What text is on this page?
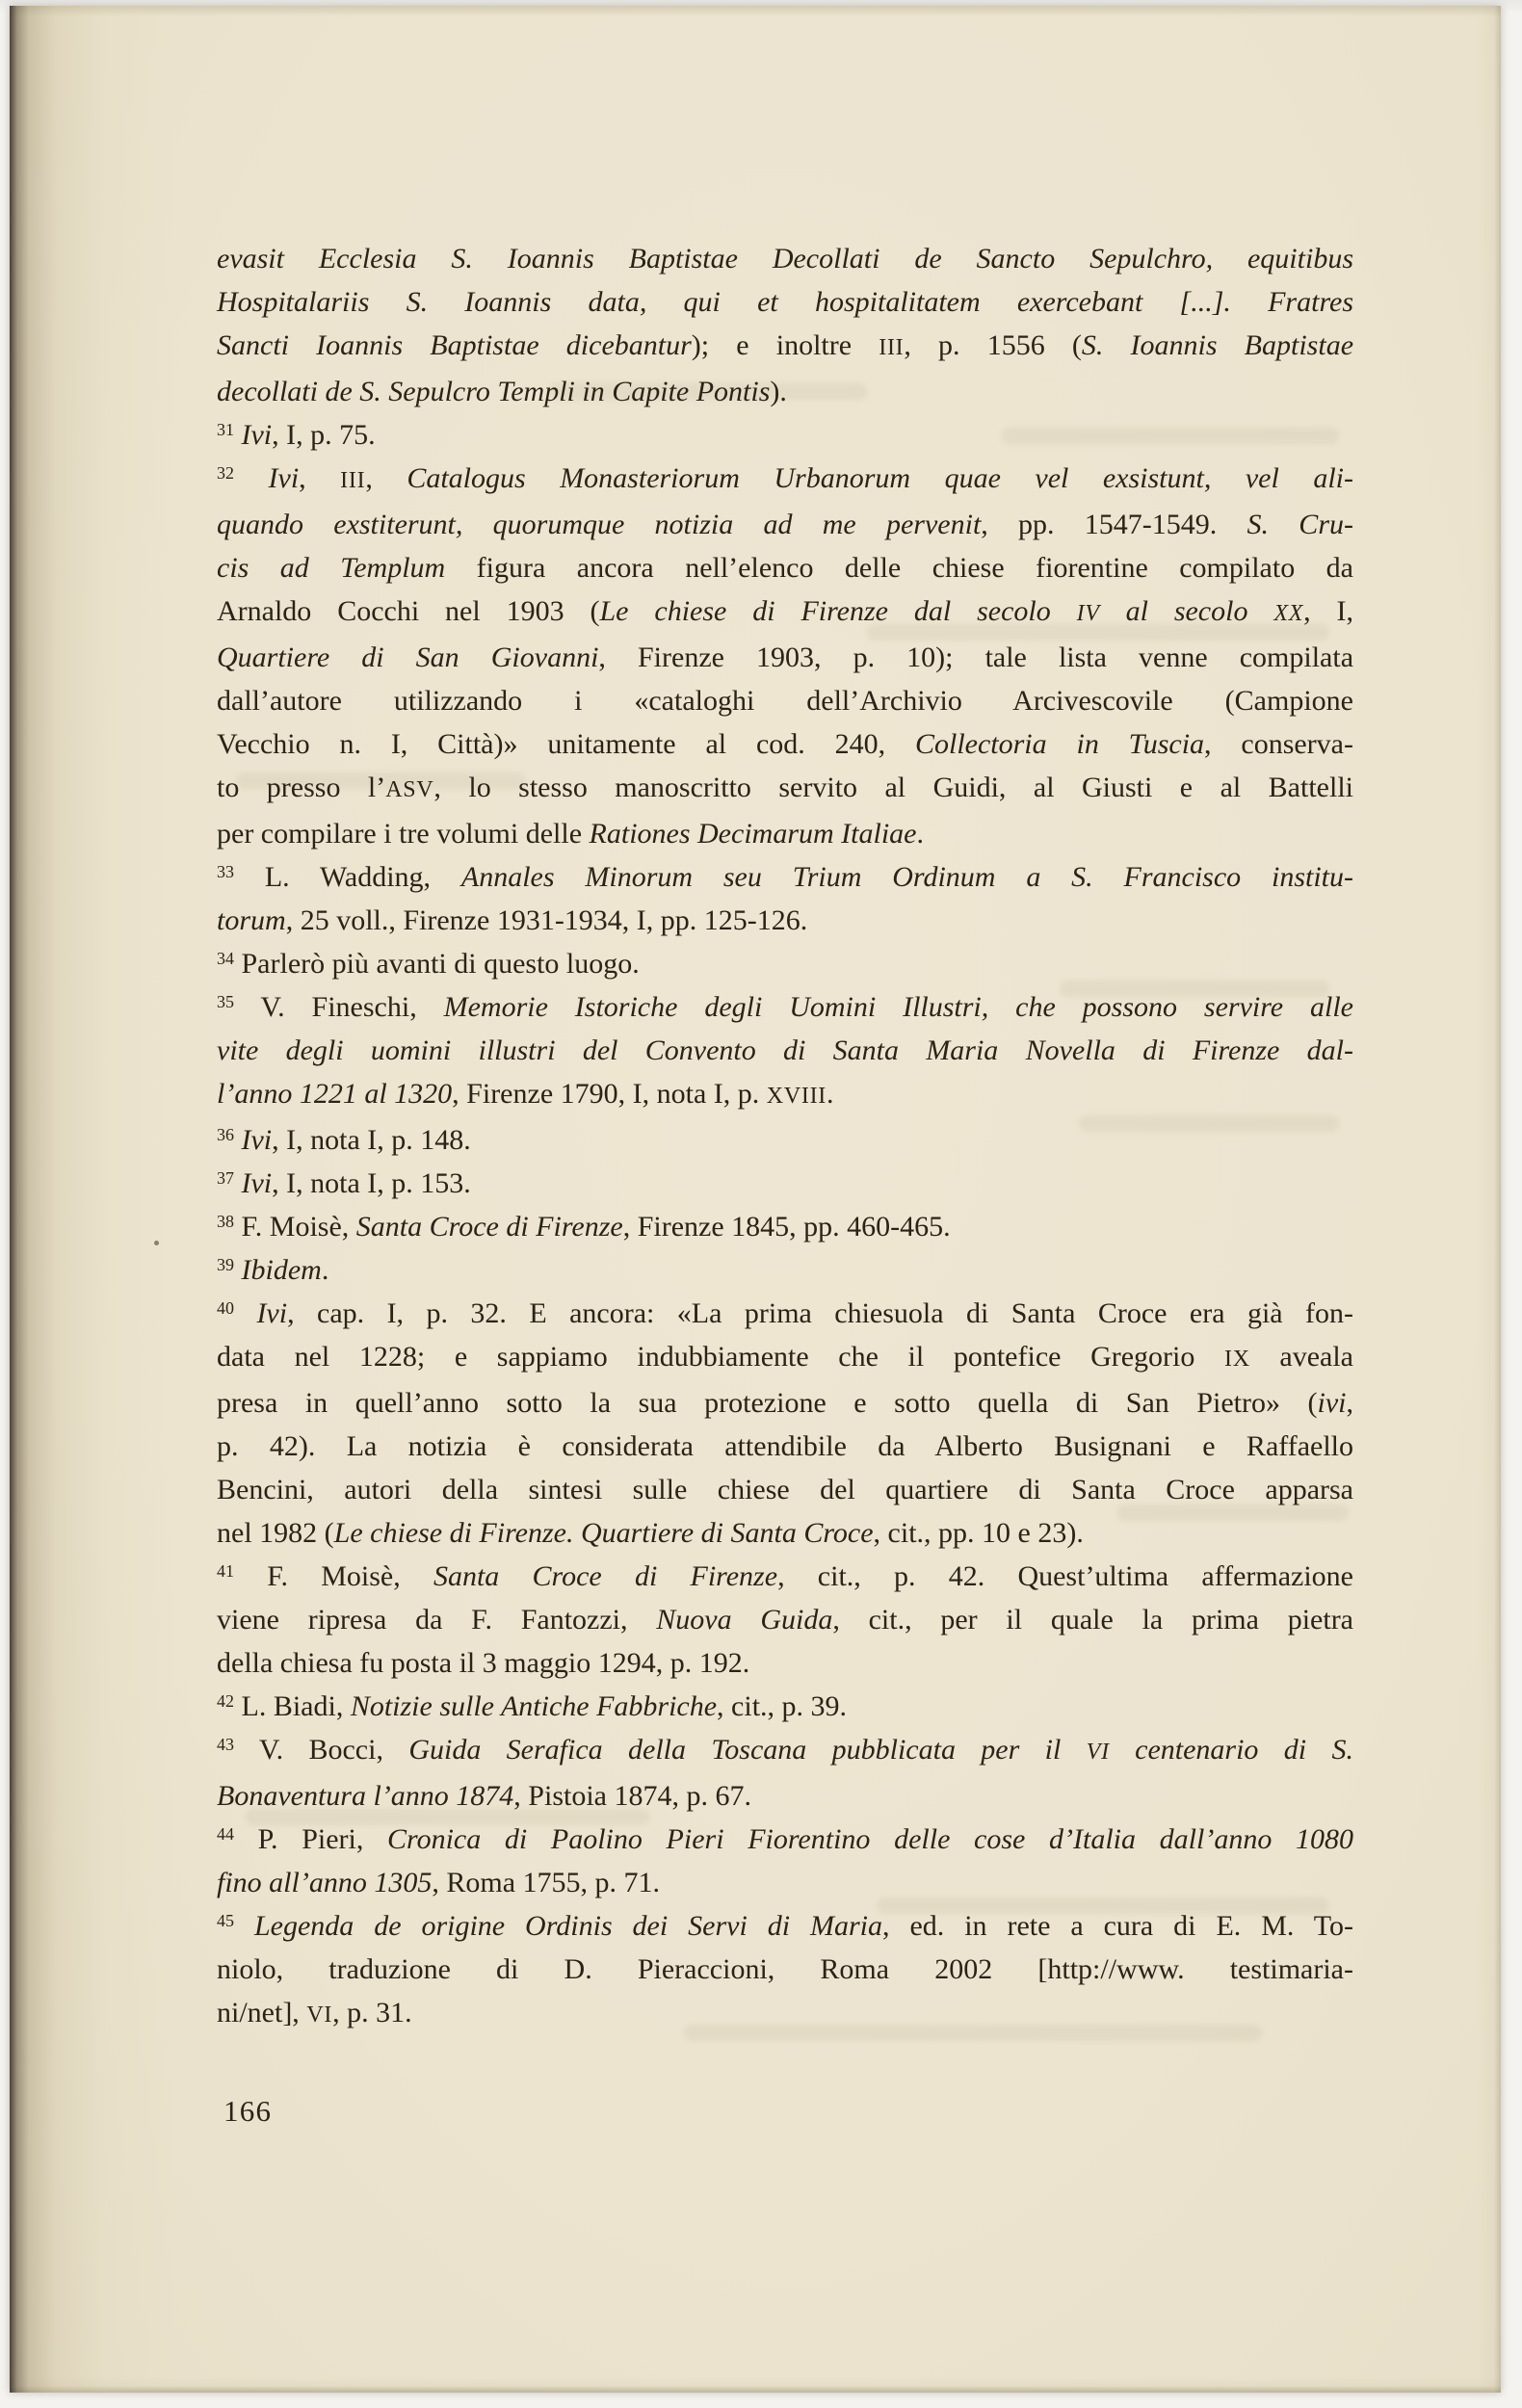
evasit Ecclesia S. Ioannis Baptistae Decollati de Sancto Sepulchro, equitibus
Hospitalariis S. Ioannis data, qui et hospitalitatem exercebant [...]. Fratres
Sancti Ioannis Baptistae dicebantur); e inoltre III, p. 1556 (S. Ioannis Baptistae
decollati de S. Sepulcro Templi in Capite Pontis).
$^{31}$ Ivi, I, p. 75.
$^{32}$ Ivi, III, Catalogus Monasteriorum Urbanorum quae vel exsistunt, vel ali-
quando exstiterunt, quorumque notizia ad me pervenit, pp. 1547-1549. S. Cru-
cis ad Templum figura ancora nell’elenco delle chiese fiorentine compilato da
Arnaldo Cocchi nel 1903 (Le chiese di Firenze dal secolo IV al secolo XX, I,
Quartiere di San Giovanni, Firenze 1903, p. 10); tale lista venne compilata
dall’autore utilizzando i «cataloghi dell’Archivio Arcivescovile (Campione
Vecchio n. I, Città)» unitamente al cod. 240, Collectoria in Tuscia, conserva-
to presso l’ASV, lo stesso manoscritto servito al Guidi, al Giusti e al Battelli
per compilare i tre volumi delle Rationes Decimarum Italiae.
$^{33}$ L. Wadding, Annales Minorum seu Trium Ordinum a S. Francisco institu-
torum, 25 voll., Firenze 1931-1934, I, pp. 125-126.
$^{34}$ Parlerò più avanti di questo luogo.
$^{35}$ V. Fineschi, Memorie Istoriche degli Uomini Illustri, che possono servire alle
vite degli uomini illustri del Convento di Santa Maria Novella di Firenze dal-
l’anno 1221 al 1320, Firenze 1790, I, nota I, p. XVIII.
$^{36}$ Ivi, I, nota I, p. 148.
$^{37}$ Ivi, I, nota I, p. 153.
$^{38}$ F. Moisè, Santa Croce di Firenze, Firenze 1845, pp. 460-465.
$^{39}$ Ibidem.
$^{40}$ Ivi, cap. I, p. 32. E ancora: «La prima chiesuola di Santa Croce era già fon-
data nel 1228; e sappiamo indubbiamente che il pontefice Gregorio IX aveala
presa in quell’anno sotto la sua protezione e sotto quella di San Pietro» (ivi,
p. 42). La notizia è considerata attendibile da Alberto Busignani e Raffaello
Bencini, autori della sintesi sulle chiese del quartiere di Santa Croce apparsa
nel 1982 (Le chiese di Firenze. Quartiere di Santa Croce, cit., pp. 10 e 23).
$^{41}$ F. Moisè, Santa Croce di Firenze, cit., p. 42. Quest’ultima affermazione
viene ripresa da F. Fantozzi, Nuova Guida, cit., per il quale la prima pietra
della chiesa fu posta il 3 maggio 1294, p. 192.
$^{42}$ L. Biadi, Notizie sulle Antiche Fabbriche, cit., p. 39.
$^{43}$ V. Bocci, Guida Serafica della Toscana pubblicata per il VI centenario di S.
Bonaventura l’anno 1874, Pistoia 1874, p. 67.
$^{44}$ P. Pieri, Cronica di Paolino Pieri Fiorentino delle cose d’Italia dall’anno 1080
fino all’anno 1305, Roma 1755, p. 71.
$^{45}$ Legenda de origine Ordinis dei Servi di Maria, ed. in rete a cura di E. M. To-
niolo, traduzione di D. Pieraccioni, Roma 2002 [http://www. testimaria-
ni/net], VI, p. 31.
166
